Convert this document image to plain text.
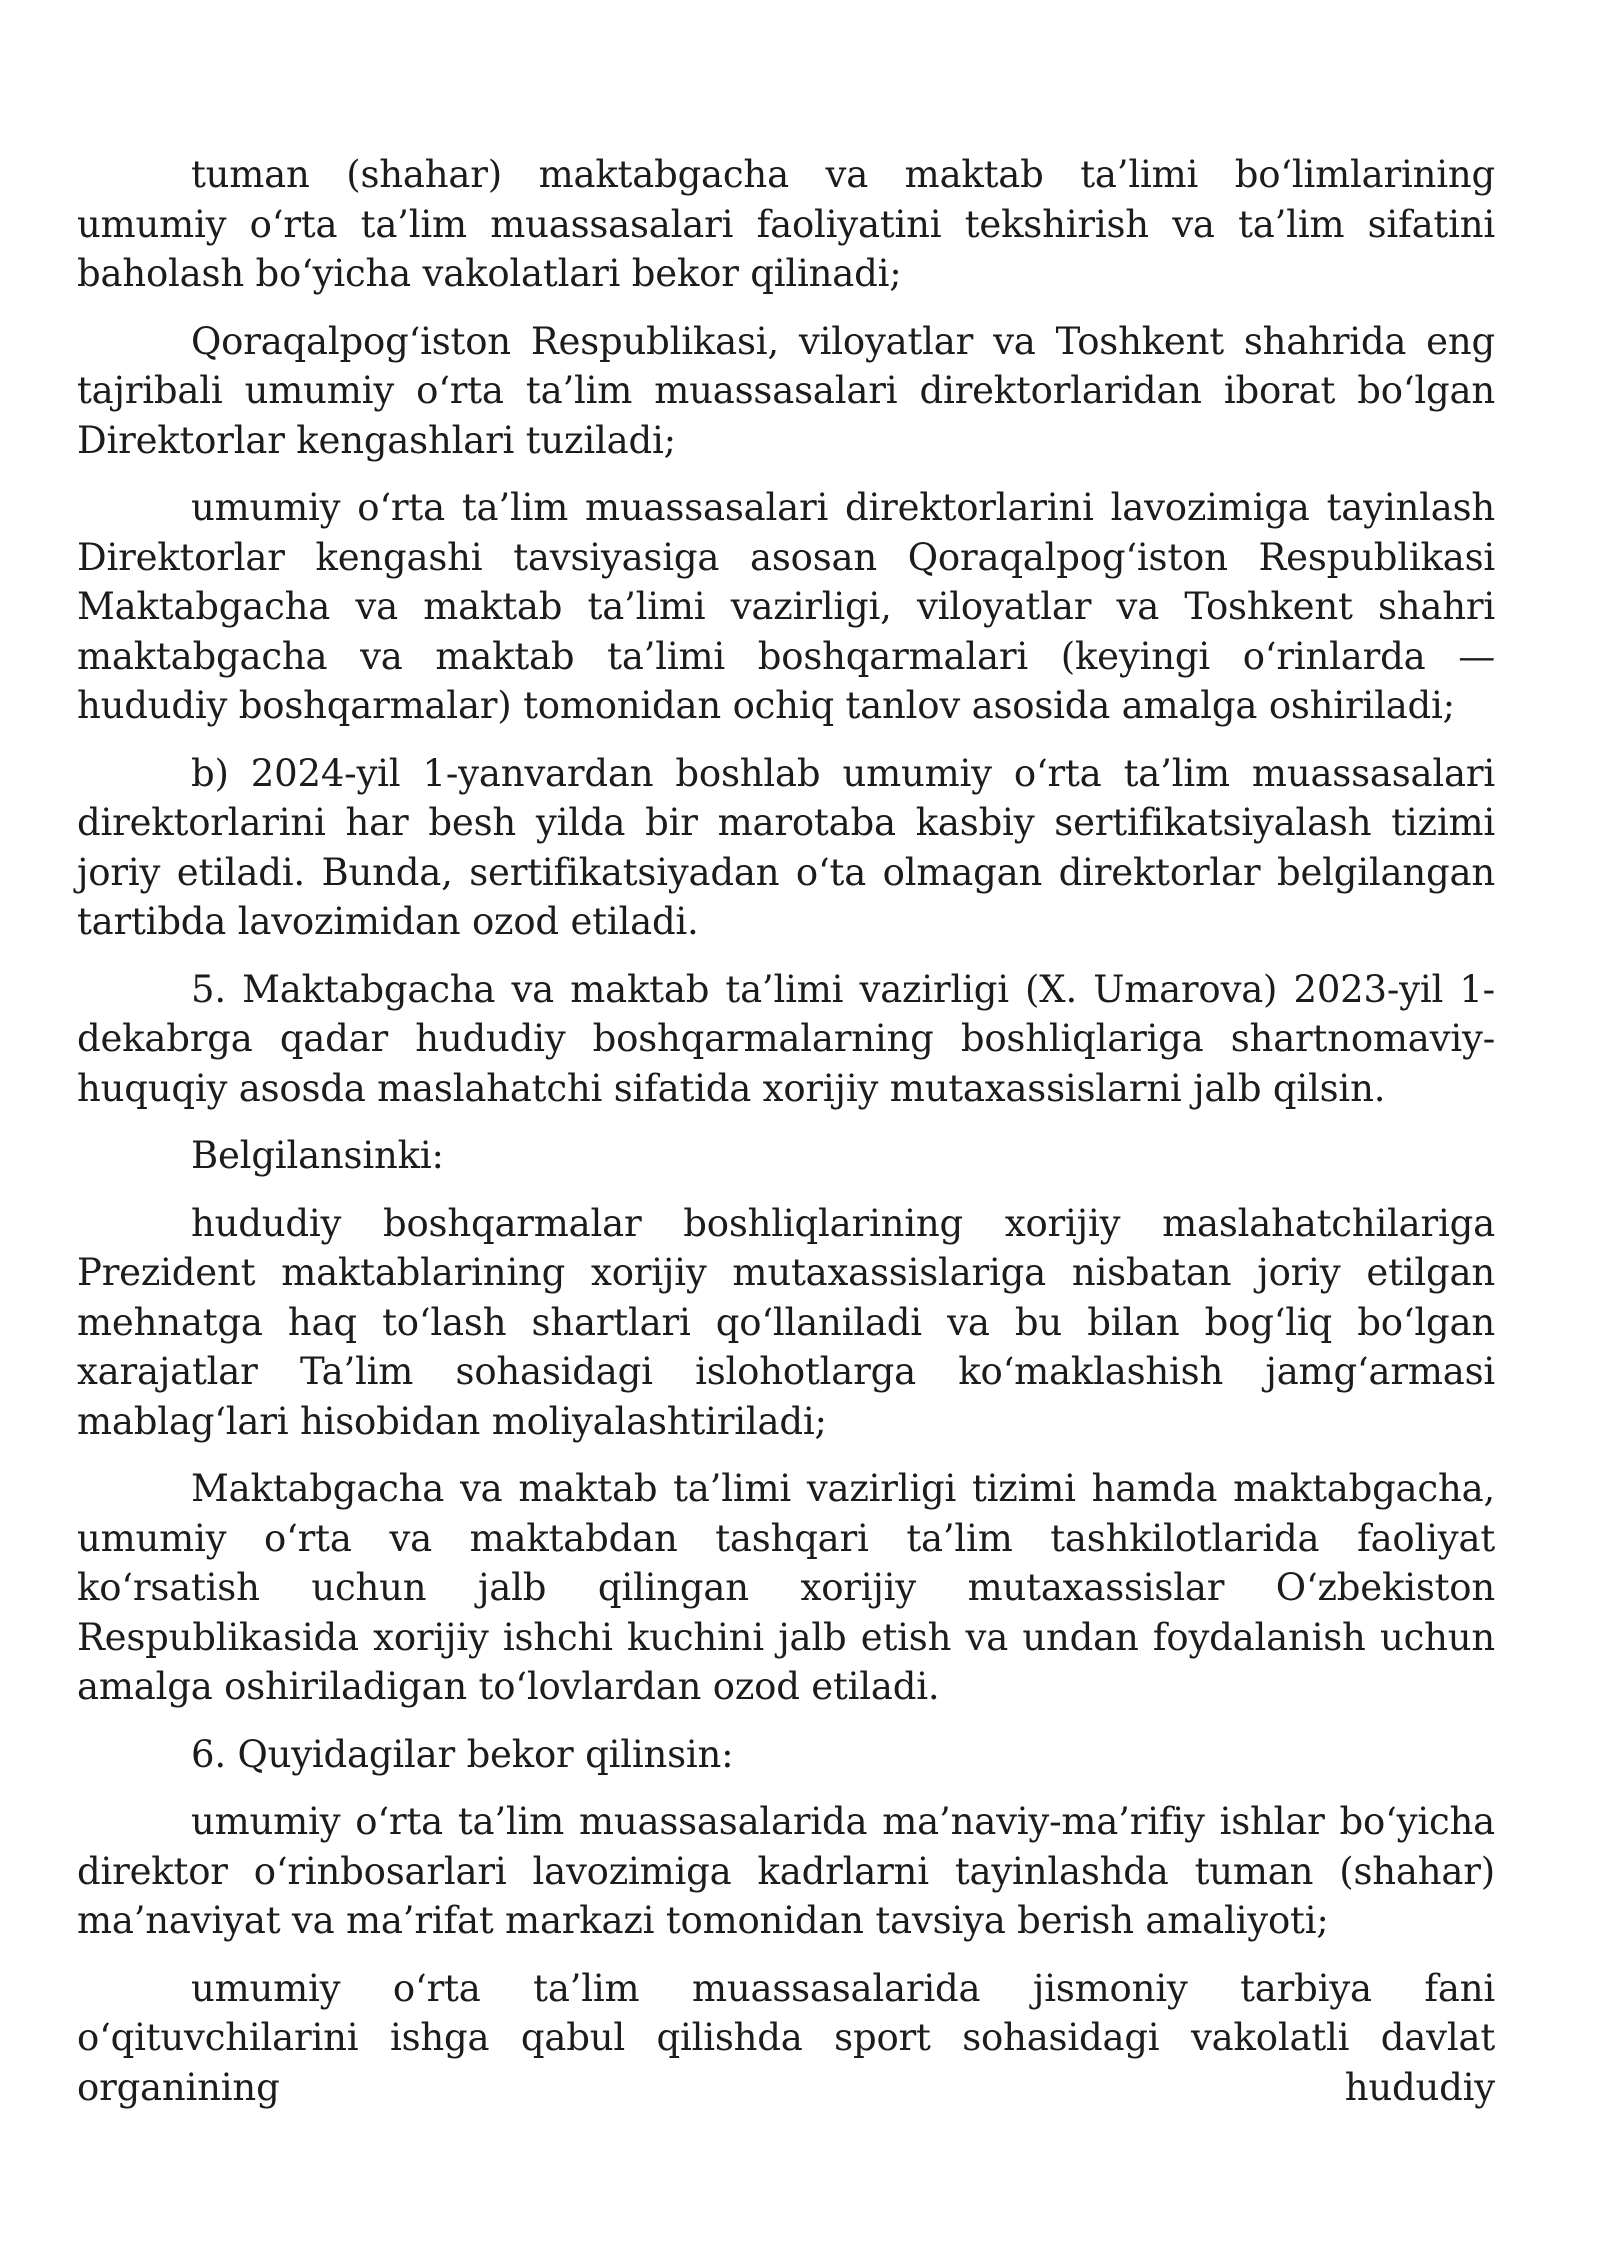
tuman (shahar) maktabgacha va maktab ta’limi bo‘limlarining umumiy o‘rta ta’lim muassasalari faoliyatini tekshirish va ta’lim sifatini baholash bo‘yicha vakolatlari bekor qilinadi;

Qoraqalpog‘iston Respublikasi, viloyatlar va Toshkent shahrida eng tajribali umumiy o‘rta ta’lim muassasalari direktorlaridan iborat bo‘lgan Direktorlar kengashlari tuziladi;

umumiy o‘rta ta’lim muassasalari direktorlarini lavozimiga tayinlash Direktorlar kengashi tavsiyasiga asosan Qoraqalpog‘iston Respublikasi Maktabgacha va maktab ta’limi vazirligi, viloyatlar va Toshkent shahri maktabgacha va maktab ta’limi boshqarmalari (keyingi o‘rinlarda — hududiy boshqarmalar) tomonidan ochiq tanlov asosida amalga oshiriladi;

b) 2024-yil 1-yanvardan boshlab umumiy o‘rta ta’lim muassasalari direktorlarini har besh yilda bir marotaba kasbiy sertifikatsiyalash tizimi joriy etiladi. Bunda, sertifikatsiyadan o‘ta olmagan direktorlar belgilangan tartibda lavozimidan ozod etiladi.

5. Maktabgacha va maktab ta’limi vazirligi (X. Umarova) 2023-yil 1-dekabrga qadar hududiy boshqarmalarning boshliqlariga shartnomaviy-huquqiy asosda maslahatchi sifatida xorijiy mutaxassislarni jalb qilsin.

Belgilansinki:

hududiy boshqarmalar boshliqlarining xorijiy maslahatchilariga Prezident maktablarining xorijiy mutaxassislariga nisbatan joriy etilgan mehnatga haq to‘lash shartlari qo‘llaniladi va bu bilan bog‘liq bo‘lgan xarajatlar Ta’lim sohasidagi islohotlarga ko‘maklashish jamg‘armasi mablag‘lari hisobidan moliyalashtiriladi;

Maktabgacha va maktab ta’limi vazirligi tizimi hamda maktabgacha, umumiy o‘rta va maktabdan tashqari ta’lim tashkilotlarida faoliyat ko‘rsatish uchun jalb qilingan xorijiy mutaxassislar O‘zbekiston Respublikasida xorijiy ishchi kuchini jalb etish va undan foydalanish uchun amalga oshiriladigan to‘lovlardan ozod etiladi.

6. Quyidagilar bekor qilinsin:

umumiy o‘rta ta’lim muassasalarida ma’naviy-ma’rifiy ishlar bo‘yicha direktor o‘rinbosarlari lavozimiga kadrlarni tayinlashda tuman (shahar) ma’naviyat va ma’rifat markazi tomonidan tavsiya berish amaliyoti;

umumiy o‘rta ta’lim muassasalarida jismoniy tarbiya fani o‘qituvchilarini ishga qabul qilishda sport sohasidagi vakolatli davlat organining hududiy
